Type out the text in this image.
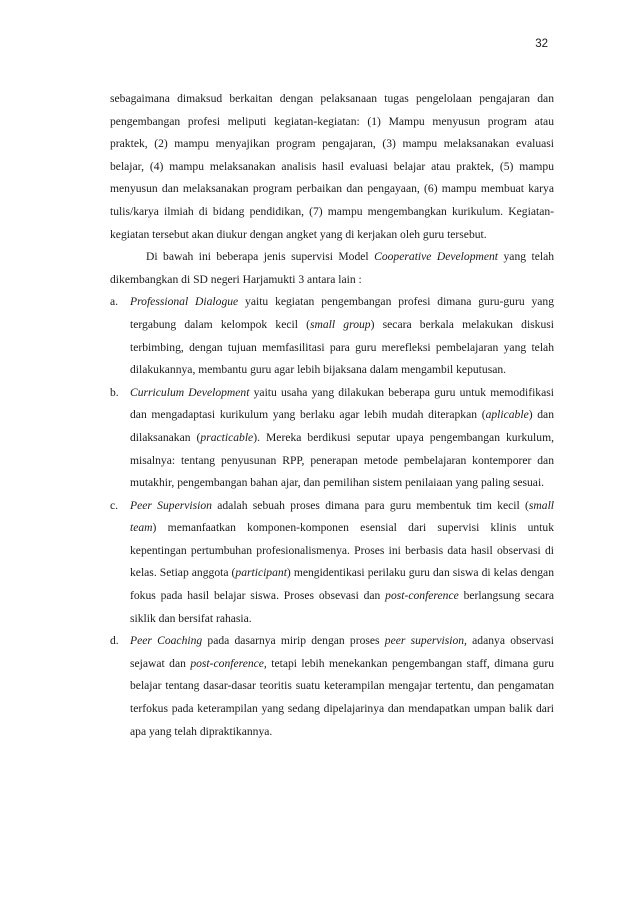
32

sebagaimana dimaksud berkaitan dengan pelaksanaan tugas pengelolaan pengajaran dan pengembangan profesi meliputi kegiatan-kegiatan: (1) Mampu menyusun program atau praktek, (2) mampu menyajikan program pengajaran, (3) mampu melaksanakan evaluasi belajar, (4) mampu melaksanakan analisis hasil evaluasi belajar atau praktek, (5) mampu menyusun dan melaksanakan program perbaikan dan pengayaan, (6) mampu membuat karya tulis/karya ilmiah di bidang pendidikan, (7) mampu mengembangkan kurikulum. Kegiatan-kegiatan tersebut akan diukur dengan angket yang di kerjakan oleh guru tersebut.

Di bawah ini beberapa jenis supervisi Model Cooperative Development yang telah dikembangkan di SD negeri Harjamukti 3 antara lain :

a. Professional Dialogue yaitu kegiatan pengembangan profesi dimana guru-guru yang tergabung dalam kelompok kecil (small group) secara berkala melakukan diskusi terbimbing, dengan tujuan memfasilitasi para guru merefleksi pembelajaran yang telah dilakukannya, membantu guru agar lebih bijaksana dalam mengambil keputusan.

b. Curriculum Development yaitu usaha yang dilakukan beberapa guru untuk memodifikasi dan mengadaptasi kurikulum yang berlaku agar lebih mudah diterapkan (aplicable) dan dilaksanakan (practicable). Mereka berdikusi seputar upaya pengembangan kurkulum, misalnya: tentang penyusunan RPP, penerapan metode pembelajaran kontemporer dan mutakhir, pengembangan bahan ajar, dan pemilihan sistem penilaiaan yang paling sesuai.

c. Peer Supervision adalah sebuah proses dimana para guru membentuk tim kecil (small team) memanfaatkan komponen-komponen esensial dari supervisi klinis untuk kepentingan pertumbuhan profesionalismenya. Proses ini berbasis data hasil observasi di kelas. Setiap anggota (participant) mengidentikasi perilaku guru dan siswa di kelas dengan fokus pada hasil belajar siswa. Proses obsevasi dan post-conference berlangsung secara siklik dan bersifat rahasia.

d. Peer Coaching pada dasarnya mirip dengan proses peer supervision, adanya observasi sejawat dan post-conference, tetapi lebih menekankan pengembangan staff, dimana guru belajar tentang dasar-dasar teoritis suatu keterampilan mengajar tertentu, dan pengamatan terfokus pada keterampilan yang sedang dipelajarinya dan mendapatkan umpan balik dari apa yang telah dipraktikannya.
